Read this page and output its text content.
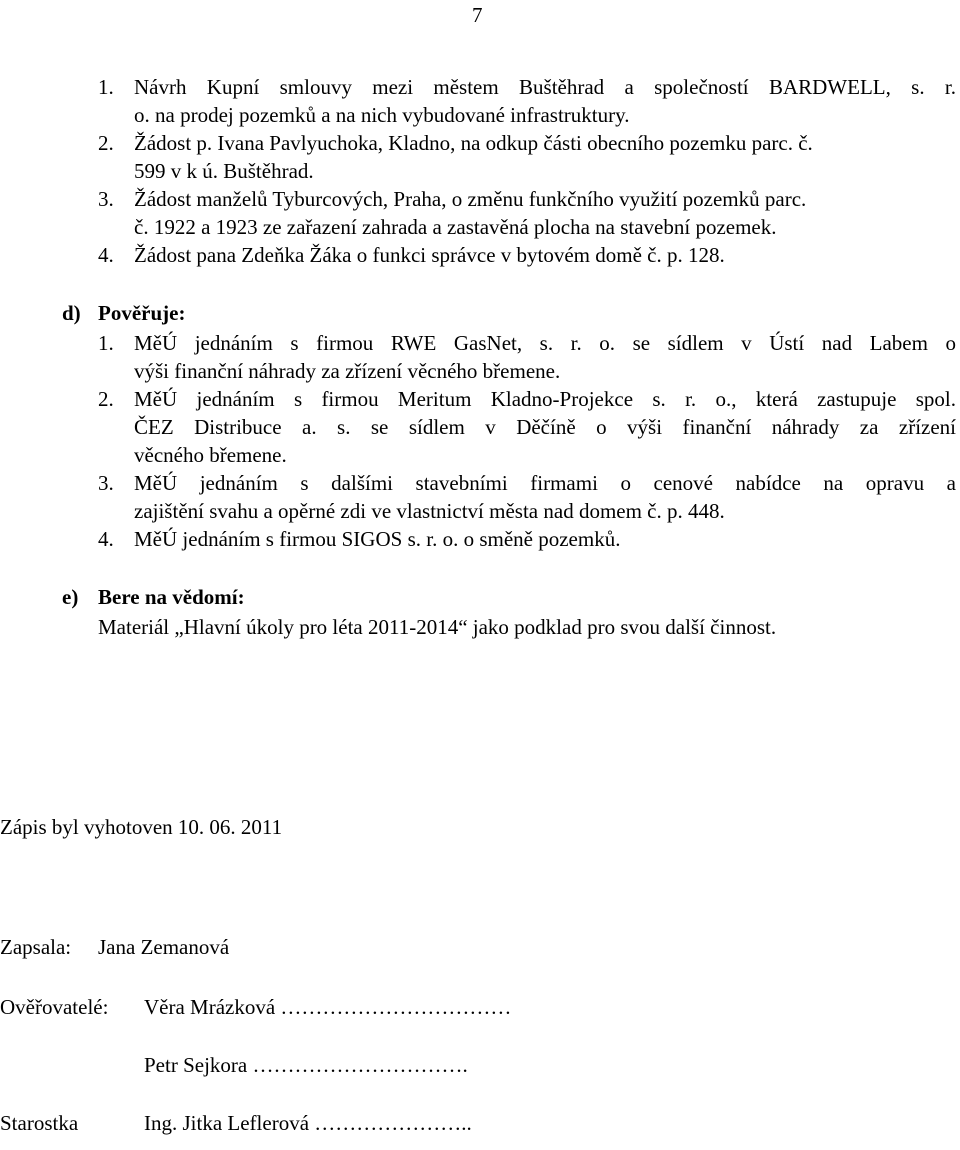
7
1. Návrh Kupní smlouvy mezi městem Buštěhrad a společností BARDWELL, s. r.
o. na prodej pozemků a na nich vybudované infrastruktury.
2. Žádost p. Ivana Pavlyuchoka, Kladno, na odkup části obecního pozemku parc. č.
599 v k ú. Buštěhrad.
3. Žádost manželů Tyburcových, Praha, o změnu funkčního využití pozemků parc.
č. 1922 a 1923 ze zařazení zahrada a zastavěná plocha na stavební pozemek.
4. Žádost pana Zdeňka Žáka o funkci správce v bytovém domě č. p. 128.
d) Pověřuje:
1. MěÚ jednáním s firmou RWE GasNet, s. r. o. se sídlem v Ústí nad Labem o
výši finanční náhrady za zřízení věcného břemene.
2. MěÚ jednáním s firmou Meritum Kladno-Projekce s. r. o., která zastupuje spol.
ČEZ Distribuce a. s. se sídlem v Děčíně o výši finanční náhrady za zřízení
věcného břemene.
3. MěÚ jednáním s dalšími stavebními firmami o cenové nabídce na opravu a
zajištění svahu a opěrné zdi ve vlastnictví města nad domem č. p. 448.
4. MěÚ jednáním s firmou SIGOS s. r. o. o směně pozemků.
e) Bere na vědomí:
Materiál „Hlavní úkoly pro léta 2011-2014“ jako podklad pro svou další činnost.
Zápis byl vyhotoven 10. 06. 2011
Zapsala: Jana Zemanová
Ověřovatelé: Věra Mrázková ……………………………
Petr Sejkora ………………………….
Starostka	Ing. Jitka Leflerová …………………..
